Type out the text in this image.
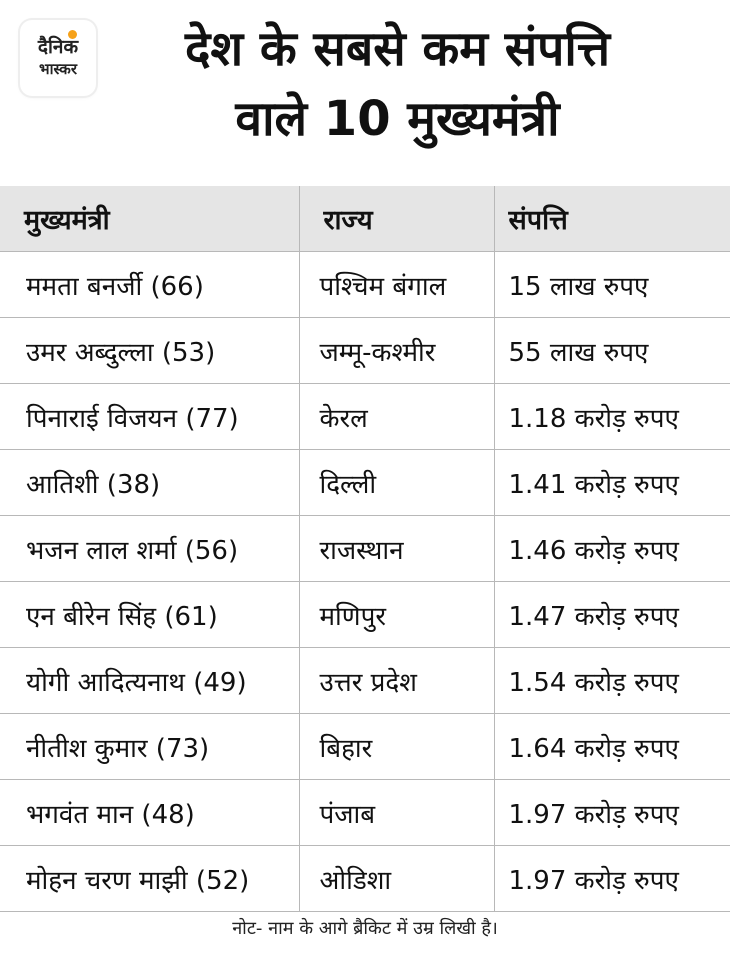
दैनिक
भास्कर	देश के सबसे कम संपत्ति
वाले 10 मुख्यमंत्री
मुख्यमंत्री	राज्य	संपत्ति
ममता बनर्जी (66)	पश्चिम बंगाल	15 लाख रुपए
उमर अब्दुल्ला (53)	जम्मू-कश्मीर	55 लाख रुपए
पिनाराई विजयन (77)	केरल	1.18 करोड़ रुपए
आतिशी (38)	दिल्ली	1.41 करोड़ रुपए
भजन लाल शर्मा (56)	राजस्थान	1.46 करोड़ रुपए
एन बीरेन सिंह (61)	मणिपुर	1.47 करोड़ रुपए
योगी आदित्यनाथ (49)	उत्तर प्रदेश	1.54 करोड़ रुपए
नीतीश कुमार (73)	बिहार	1.64 करोड़ रुपए
भगवंत मान (48)	पंजाब	1.97 करोड़ रुपए
मोहन चरण माझी (52)	ओडिशा	1.97 करोड़ रुपए
नोट- नाम के आगे ब्रैकिट में उम्र लिखी है।
